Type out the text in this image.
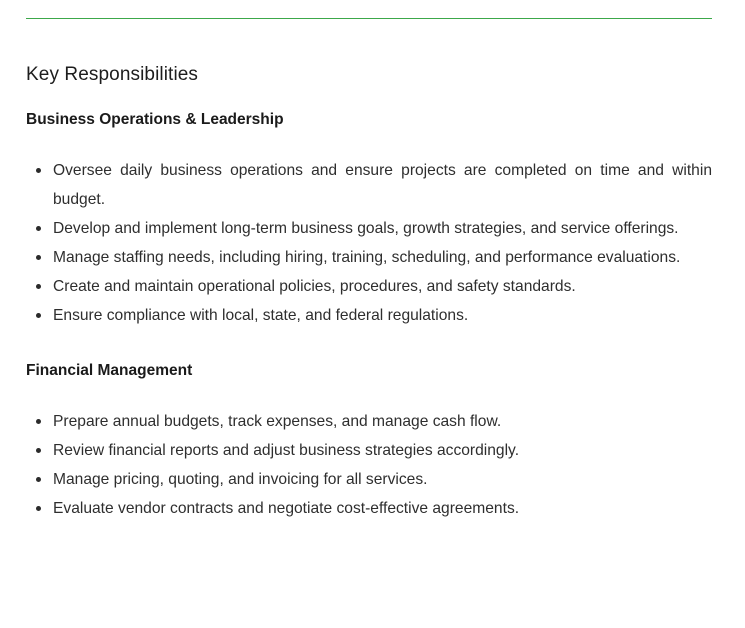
Key Responsibilities
Business Operations & Leadership
Oversee daily business operations and ensure projects are completed on time and within budget.
Develop and implement long-term business goals, growth strategies, and service offerings.
Manage staffing needs, including hiring, training, scheduling, and performance evaluations.
Create and maintain operational policies, procedures, and safety standards.
Ensure compliance with local, state, and federal regulations.
Financial Management
Prepare annual budgets, track expenses, and manage cash flow.
Review financial reports and adjust business strategies accordingly.
Manage pricing, quoting, and invoicing for all services.
Evaluate vendor contracts and negotiate cost-effective agreements.
